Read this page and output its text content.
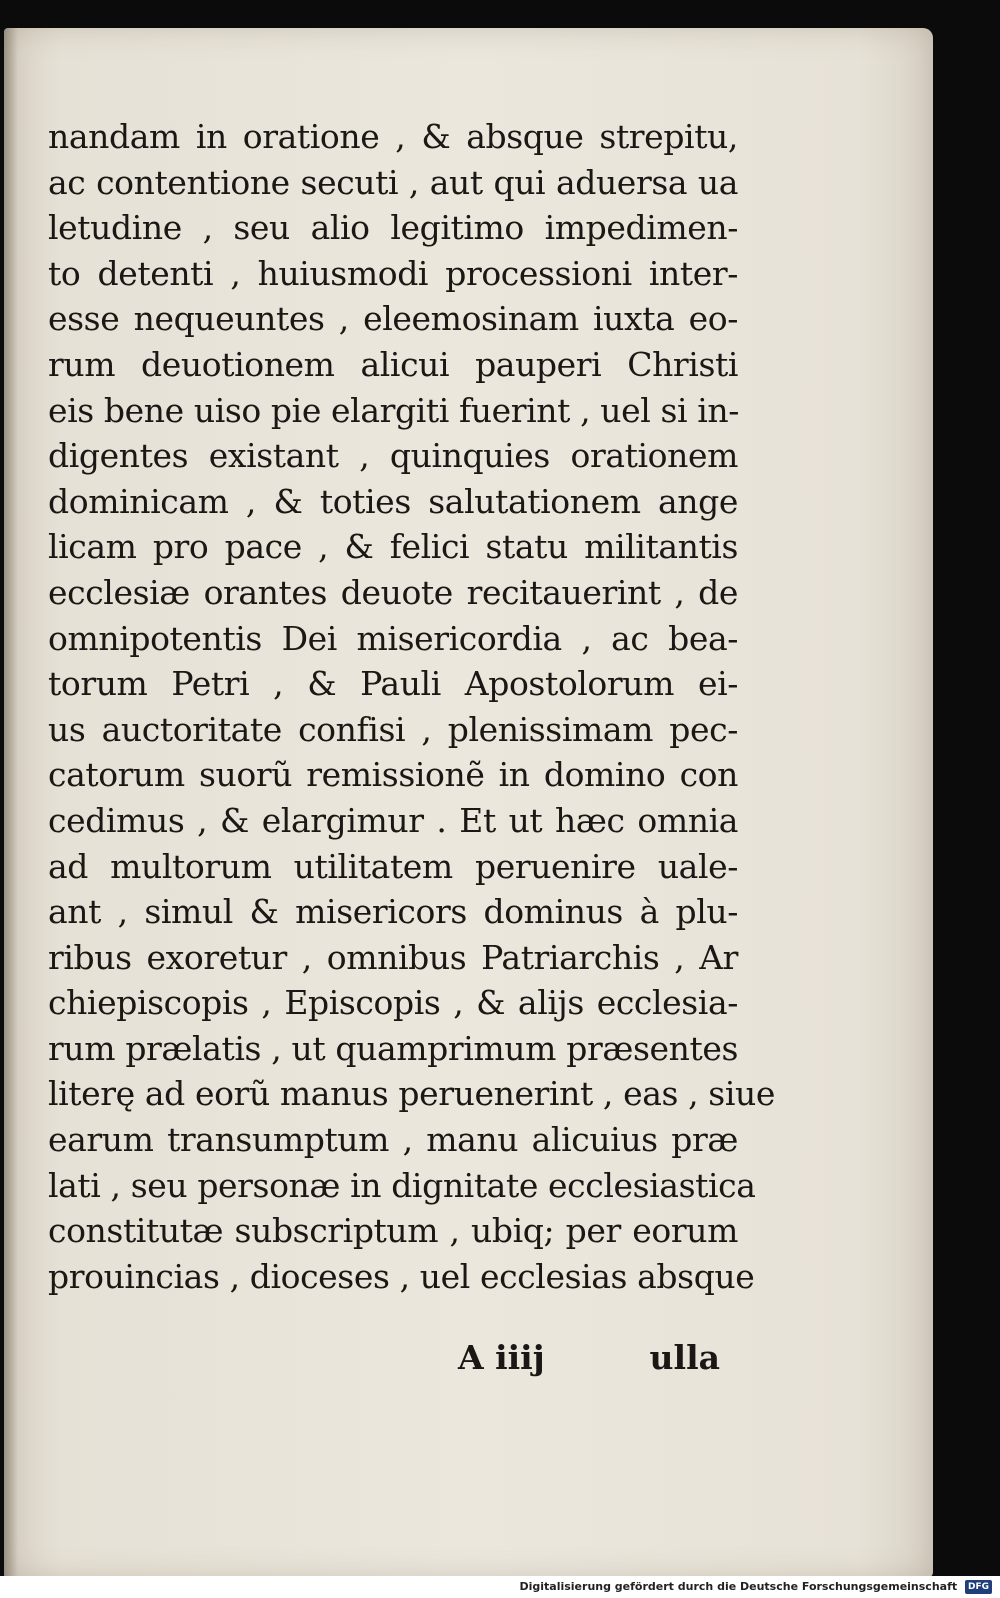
nandam in oratione , & absque strepitu,
ac contentione secuti , aut qui aduersa ua
letudine , seu alio legitimo impedimen-
to detenti , huiusmodi processioni inter-
esse nequeuntes , eleemosinam iuxta eo-
rum deuotionem alicui pauperi Christi
eis bene uiso pie elargiti fuerint , uel si in-
digentes existant , quinquies orationem
dominicam , & toties salutationem ange
licam pro pace , & felici statu militantis
ecclesiæ orantes deuote recitauerint , de
omnipotentis Dei misericordia , ac bea-
torum Petri , & Pauli Apostolorum ei-
us auctoritate confisi , plenissimam pec-
catorum suorũ remissionẽ in domino con
cedimus , & elargimur . Et ut hæc omnia
ad multorum utilitatem peruenire uale-
ant , simul & misericors dominus à plu-
ribus exoretur , omnibus Patriarchis , Ar
chiepiscopis , Episcopis , & alijs ecclesia-
rum prælatis , ut quamprimum præsentes
literę ad eorũ manus peruenerint , eas , siue
earum transumptum , manu alicuius præ
lati , seu personæ in dignitate ecclesiastica
constitutæ subscriptum , ubiq; per eorum
prouincias , dioceses , uel ecclesias absque
A iiij	ulla
Digitalisierung gefördert durch die Deutsche Forschungsgemeinschaft DFG
